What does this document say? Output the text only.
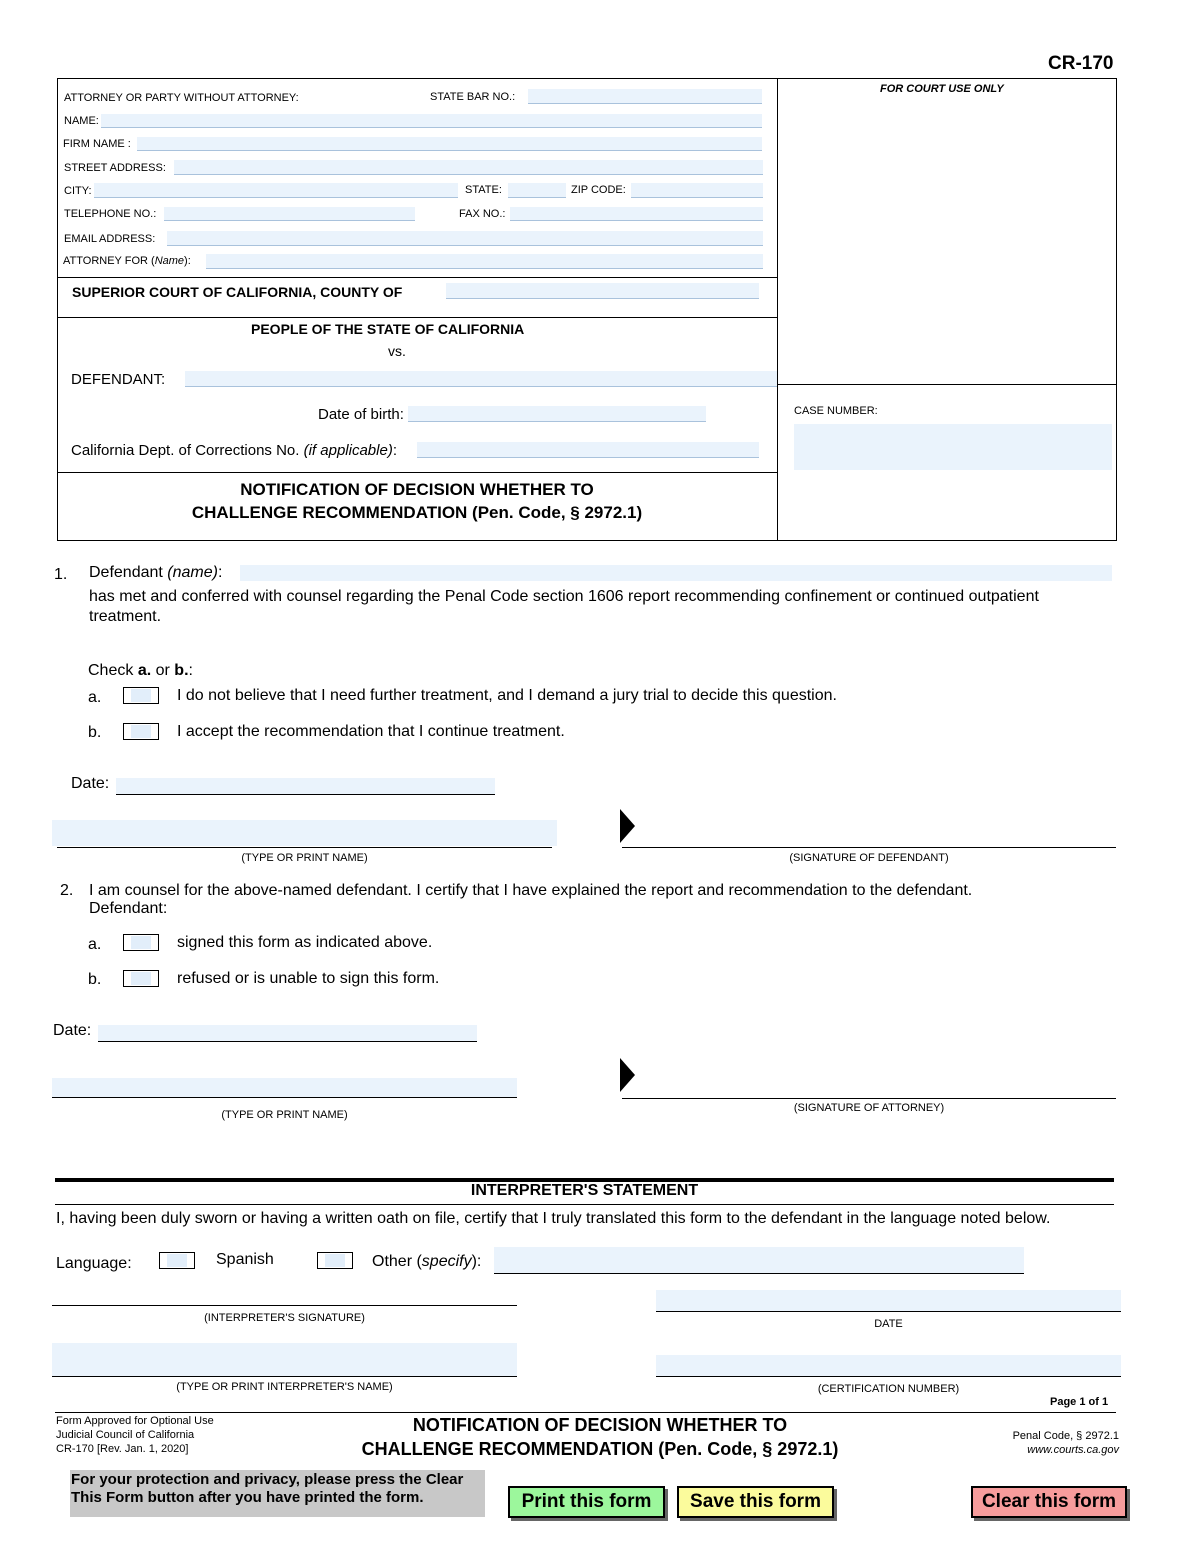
CR-170
FOR COURT USE ONLY
ATTORNEY OR PARTY WITHOUT ATTORNEY:	STATE BAR NO.:
NAME:
FIRM NAME :
STREET ADDRESS:
CITY:	STATE:	ZIP CODE:
TELEPHONE NO.:	FAX NO.:
EMAIL ADDRESS:
ATTORNEY FOR (Name):
SUPERIOR COURT OF CALIFORNIA, COUNTY OF
PEOPLE OF THE STATE OF CALIFORNIA
vs.
DEFENDANT:
Date of birth:
California Dept. of Corrections No. (if applicable):
CASE NUMBER:
NOTIFICATION OF DECISION WHETHER TO
CHALLENGE RECOMMENDATION (Pen. Code, § 2972.1)
1. Defendant (name):
has met and conferred with counsel regarding the Penal Code section 1606 report recommending confinement or continued outpatient treatment.
Check a. or b.:
a.	I do not believe that I need further treatment, and I demand a jury trial to decide this question.
b.	I accept the recommendation that I continue treatment.
Date:
(TYPE OR PRINT NAME)	(SIGNATURE OF DEFENDANT)
2. I am counsel for the above-named defendant. I certify that I have explained the report and recommendation to the defendant.
Defendant:
a.	signed this form as indicated above.
b.	refused or is unable to sign this form.
Date:
(TYPE OR PRINT NAME)
(SIGNATURE OF ATTORNEY)
INTERPRETER'S STATEMENT
I, having been duly sworn or having a written oath on file, certify that I truly translated this form to the defendant in the language noted below.
Language:	Spanish	Other (specify):
(INTERPRETER'S SIGNATURE)	DATE
(TYPE OR PRINT INTERPRETER'S NAME)	(CERTIFICATION NUMBER)
Page 1 of 1
Form Approved for Optional Use
Judicial Council of California
CR-170 [Rev. Jan. 1, 2020]
NOTIFICATION OF DECISION WHETHER TO
CHALLENGE RECOMMENDATION (Pen. Code, § 2972.1)
Penal Code, § 2972.1
www.courts.ca.gov
For your protection and privacy, please press the Clear
This Form button after you have printed the form.	Print this form	Save this form	Clear this form
